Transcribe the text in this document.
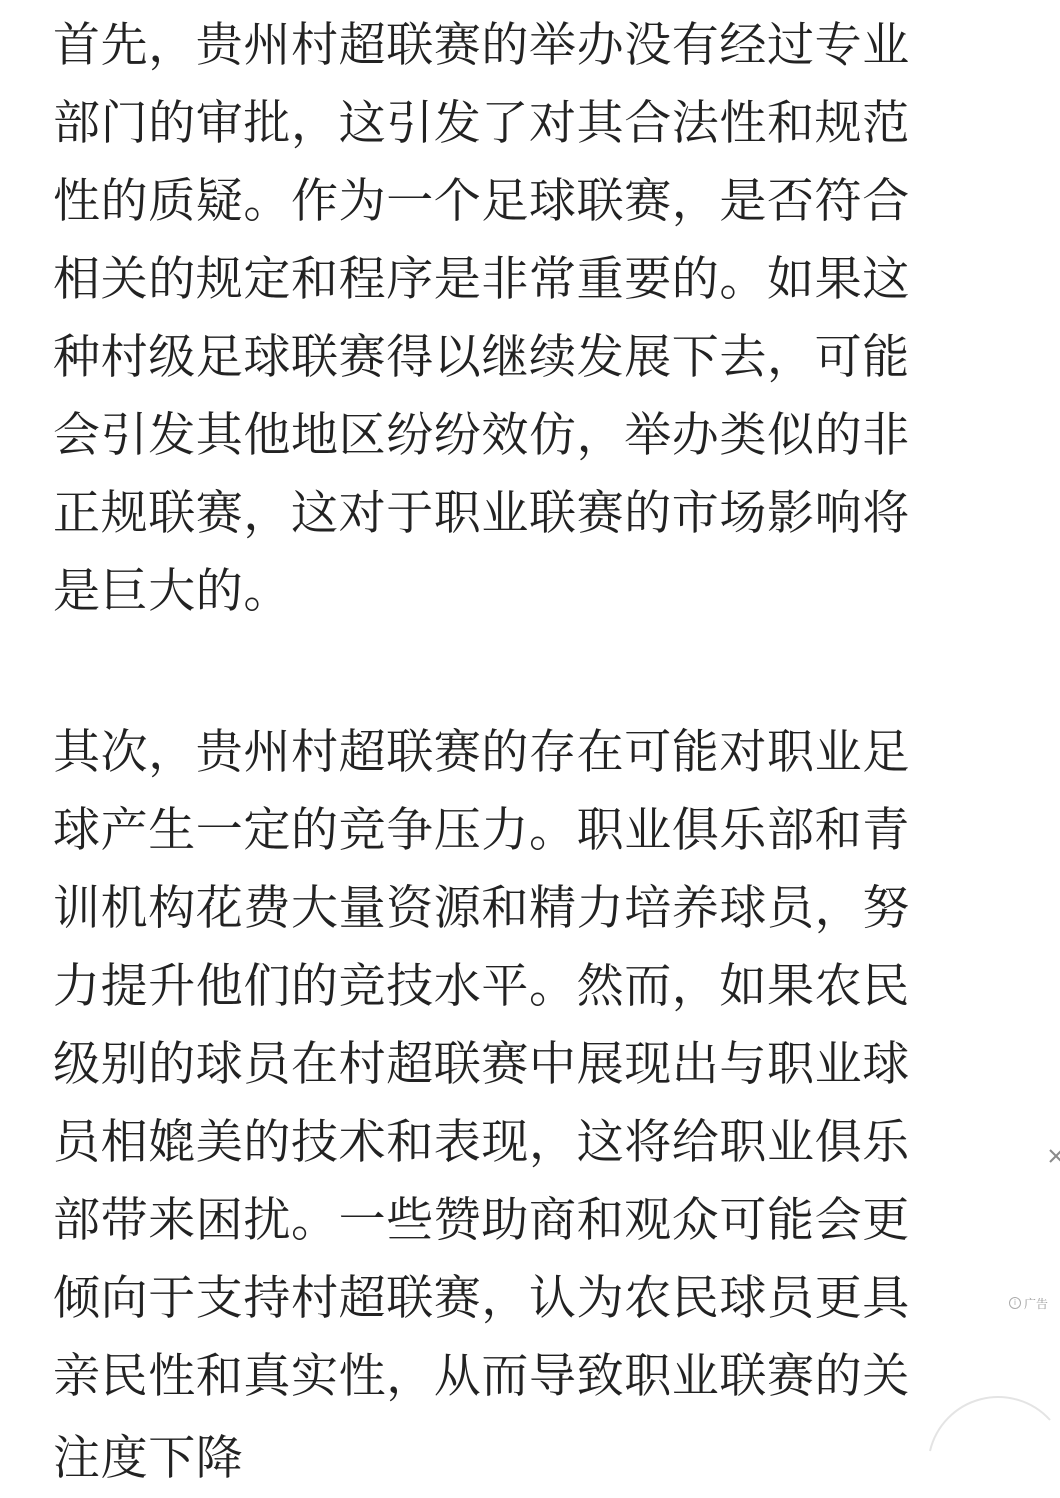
首先，贵州村超联赛的举办没有经过专业
部门的审批，这引发了对其合法性和规范
性的质疑。作为一个足球联赛，是否符合
相关的规定和程序是非常重要的。如果这
种村级足球联赛得以继续发展下去，可能
会引发其他地区纷纷效仿，举办类似的非
正规联赛，这对于职业联赛的市场影响将
是巨大的。
其次，贵州村超联赛的存在可能对职业足
球产生一定的竞争压力。职业俱乐部和青
训机构花费大量资源和精力培养球员，努
力提升他们的竞技水平。然而，如果农民
级别的球员在村超联赛中展现出与职业球
员相媲美的技术和表现，这将给职业俱乐
部带来困扰。一些赞助商和观众可能会更
倾向于支持村超联赛，认为农民球员更具
亲民性和真实性，从而导致职业联赛的关
注度下降
i 广告
